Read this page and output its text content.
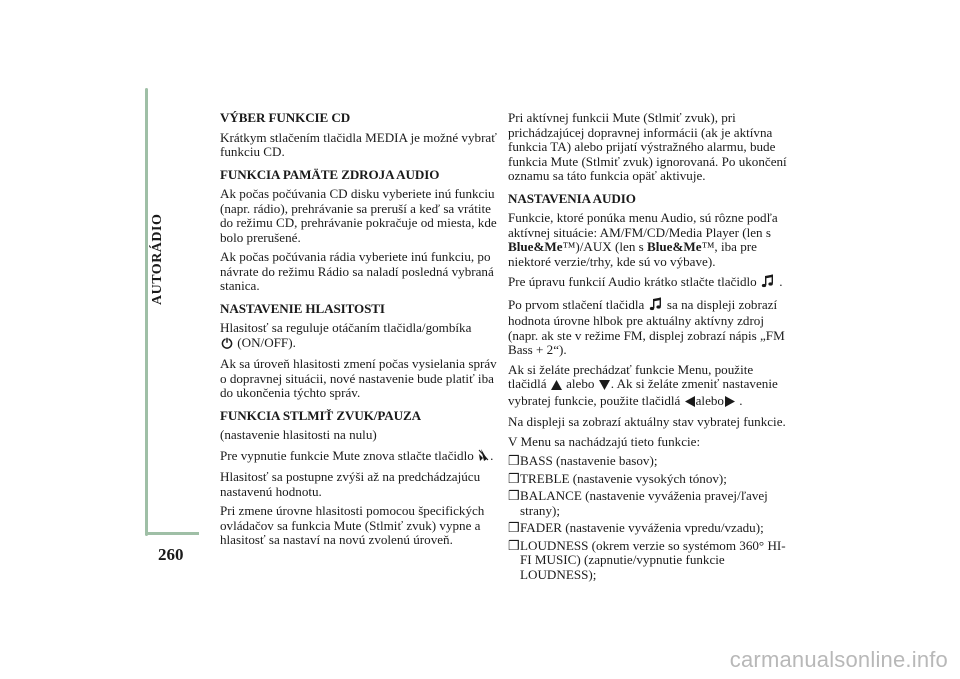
AUTORÁDIO
260
VÝBER FUNKCIE CD

Krátkym stlačením tlačidla MEDIA je možné vybrať funkciu CD.

FUNKCIA PAMÄTE ZDROJA AUDIO

Ak počas počúvania CD disku vyberiete inú funkciu (napr. rádio), prehrávanie sa preruší a keď sa vrátite do režimu CD, prehrávanie pokračuje od miesta, kde bolo prerušené.

Ak počas počúvania rádia vyberiete inú funkciu, po návrate do režimu Rádio sa naladí posledná vybraná stanica.

NASTAVENIE HLASITOSTI

Hlasitosť sa reguluje otáčaním tlačidla/gombíka
(ON/OFF).

Ak sa úroveň hlasitosti zmení počas vysielania správ o dopravnej situácii, nové nastavenie bude platiť iba do ukončenia týchto správ.

FUNKCIA STLMIŤ ZVUK/PAUZA

(nastavenie hlasitosti na nulu)

Pre vypnutie funkcie Mute znova stlačte tlačidlo .

Hlasitosť sa postupne zvýši až na predchádzajúcu nastavenú hodnotu.

Pri zmene úrovne hlasitosti pomocou špecifických ovládačov sa funkcia Mute (Stlmiť zvuk) vypne a hlasitosť sa nastaví na novú zvolenú úroveň.

Pri aktívnej funkcii Mute (Stlmiť zvuk), pri prichádzajúcej dopravnej informácii (ak je aktívna funkcia TA) alebo prijatí výstražného alarmu, bude funkcia Mute (Stlmiť zvuk) ignorovaná. Po ukončení oznamu sa táto funkcia opäť aktivuje.

NASTAVENIA AUDIO

Funkcie, ktoré ponúka menu Audio, sú rôzne podľa aktívnej situácie: AM/FM/CD/Media Player (len s
Blue&Me™)/AUX (len s Blue&Me™, iba pre niektoré verzie/trhy, kde sú vo výbave).

Pre úpravu funkcií Audio krátko stlačte tlačidlo .

Po prvom stlačení tlačidla sa na displeji zobrazí hodnota úrovne hlbok pre aktuálny aktívny zdroj (napr. ak ste v režime FM, displej zobrazí nápis „FM Bass + 2“).

Ak si želáte prechádzať funkcie Menu, použite tlačidlá alebo . Ak si želáte zmeniť nastavenie vybratej funkcie, použite tlačidlá alebo .

Na displeji sa zobrazí aktuálny stav vybratej funkcie.

V Menu sa nachádzajú tieto funkcie:

❒ BASS (nastavenie basov);
❒ TREBLE (nastavenie vysokých tónov);
❒ BALANCE (nastavenie vyváženia pravej/ľavej strany);
❒ FADER (nastavenie vyváženia vpredu/vzadu);
❒ LOUDNESS (okrem verzie so systémom 360° HI-FI MUSIC) (zapnutie/vypnutie funkcie LOUDNESS);
carmanualsonline.info
